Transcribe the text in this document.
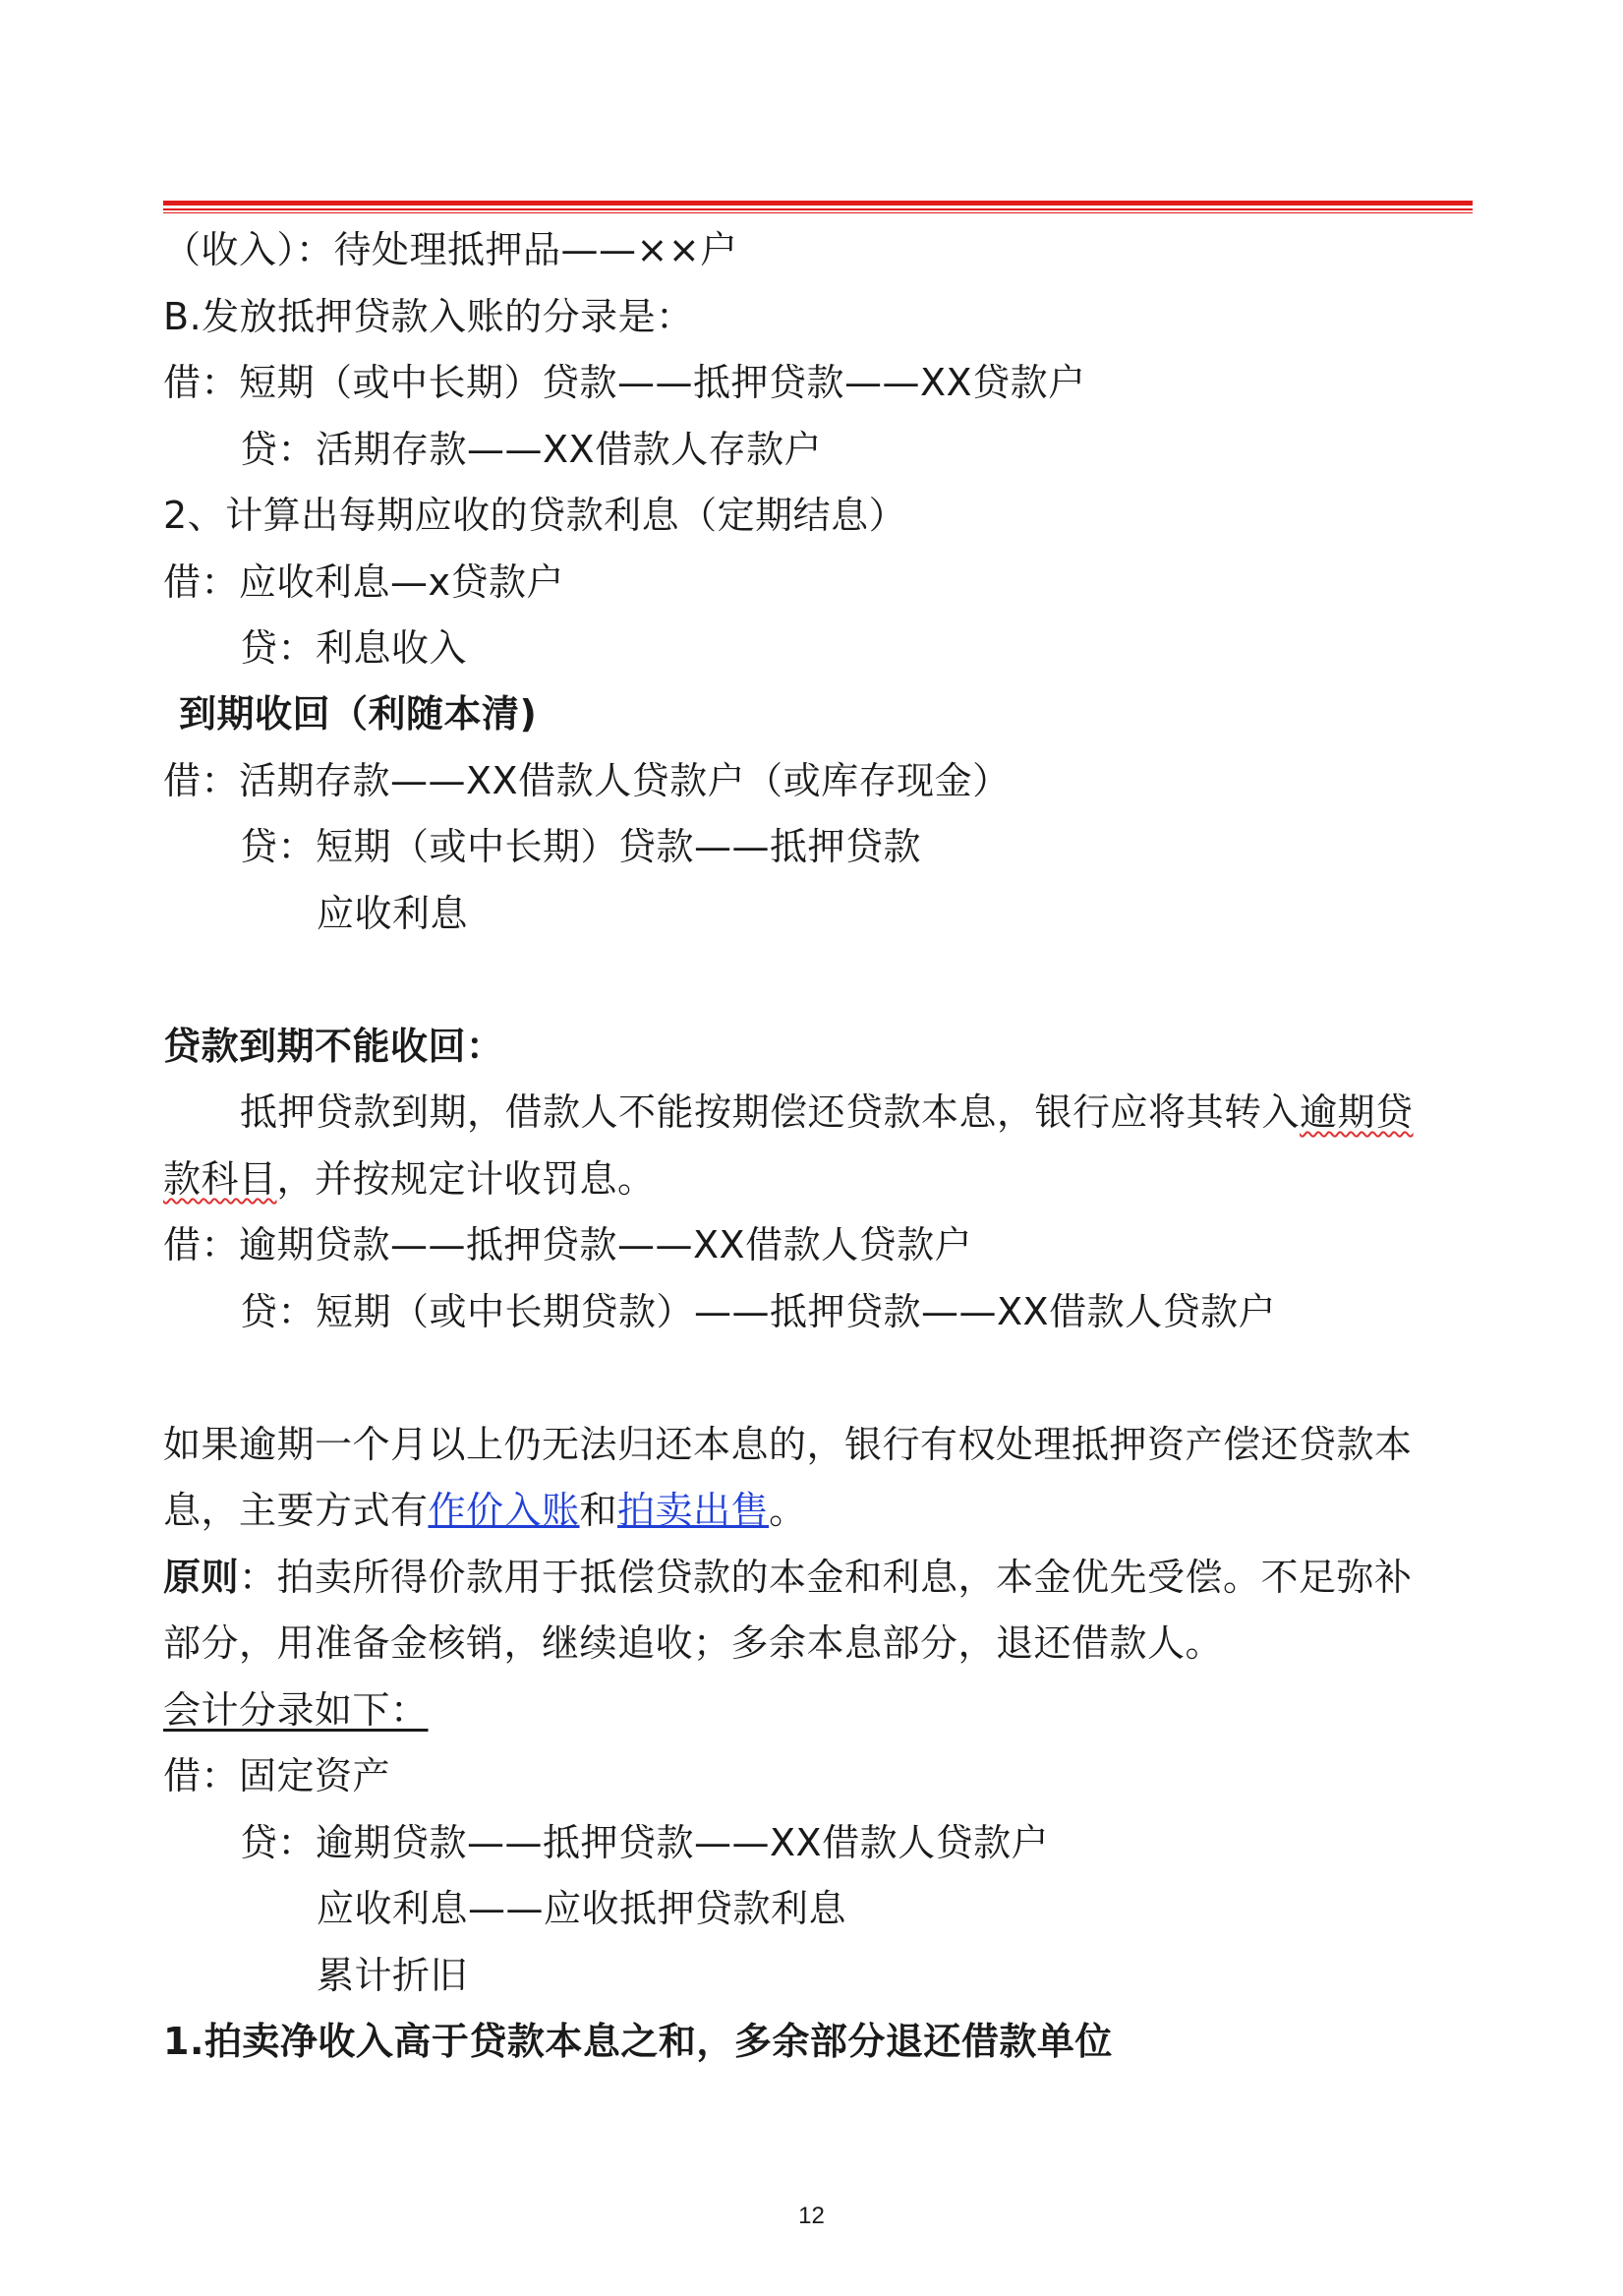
（收入）：待处理抵押品——××户
B.发放抵押贷款入账的分录是：
借：短期（或中长期）贷款——抵押贷款——XX贷款户
贷：活期存款——XX借款人存款户
2、计算出每期应收的贷款利息（定期结息）
借：应收利息—x贷款户
贷：利息收入
到期收回（利随本清)
借：活期存款——XX借款人贷款户（或库存现金）
贷：短期（或中长期）贷款——抵押贷款
应收利息
贷款到期不能收回：
抵押贷款到期，借款人不能按期偿还贷款本息，银行应将其转入逾期贷
款科目，并按规定计收罚息。
借：逾期贷款——抵押贷款——XX借款人贷款户
贷：短期（或中长期贷款）——抵押贷款——XX借款人贷款户
如果逾期一个月以上仍无法归还本息的，银行有权处理抵押资产偿还贷款本
息，主要方式有作价入账和拍卖出售。
原则：拍卖所得价款用于抵偿贷款的本金和利息，本金优先受偿。不足弥补
部分，用准备金核销，继续追收；多余本息部分，退还借款人。
会计分录如下：
借：固定资产
贷：逾期贷款——抵押贷款——XX借款人贷款户
应收利息——应收抵押贷款利息
累计折旧
1.拍卖净收入高于贷款本息之和，多余部分退还借款单位
12
